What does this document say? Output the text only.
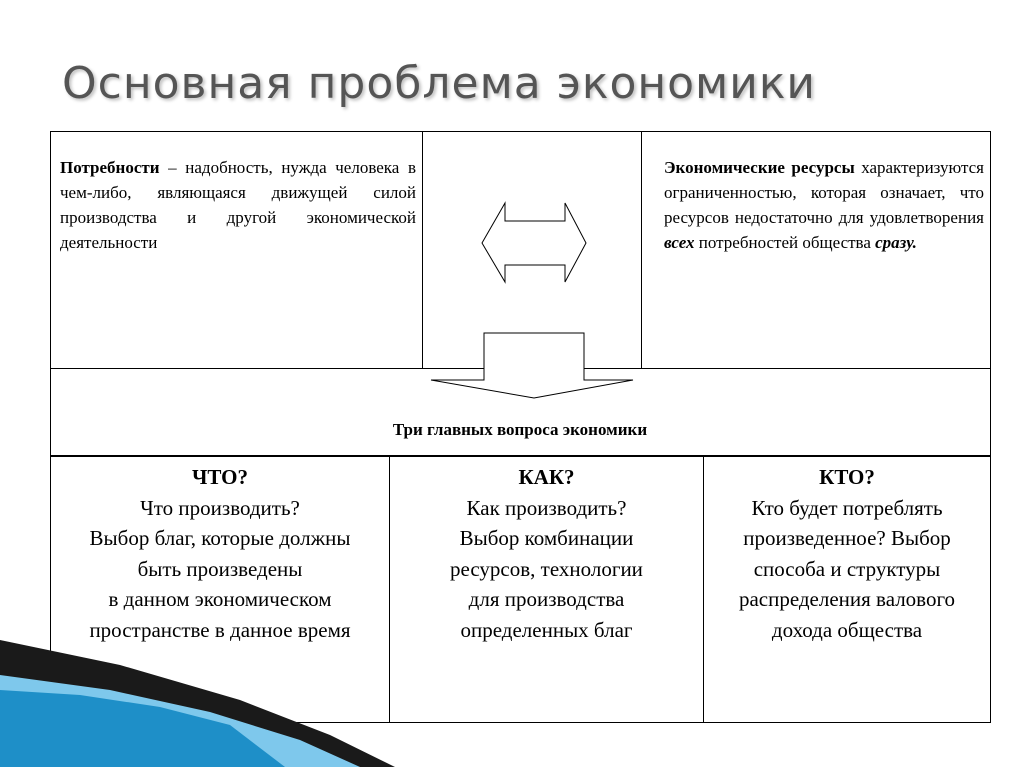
Основная проблема экономики
Потребности – надобность, нужда человека в чем-либо, являющаяся движущей силой производства и другой экономической деятельности
Экономические ресурсы характеризуются ограниченностью, которая означает, что ресурсов недостаточно для удовлетворения всех потребностей общества сразу.
Три главных вопроса экономики
ЧТО?
Что производить?
Выбор благ, которые должны
быть произведены
в данном экономическом
пространстве в данное время
КАК?
Как производить?
Выбор комбинации
ресурсов, технологии
для производства
определенных благ
КТО?
Кто будет потреблять
произведенное? Выбор
способа и структуры
распределения валового
дохода общества
